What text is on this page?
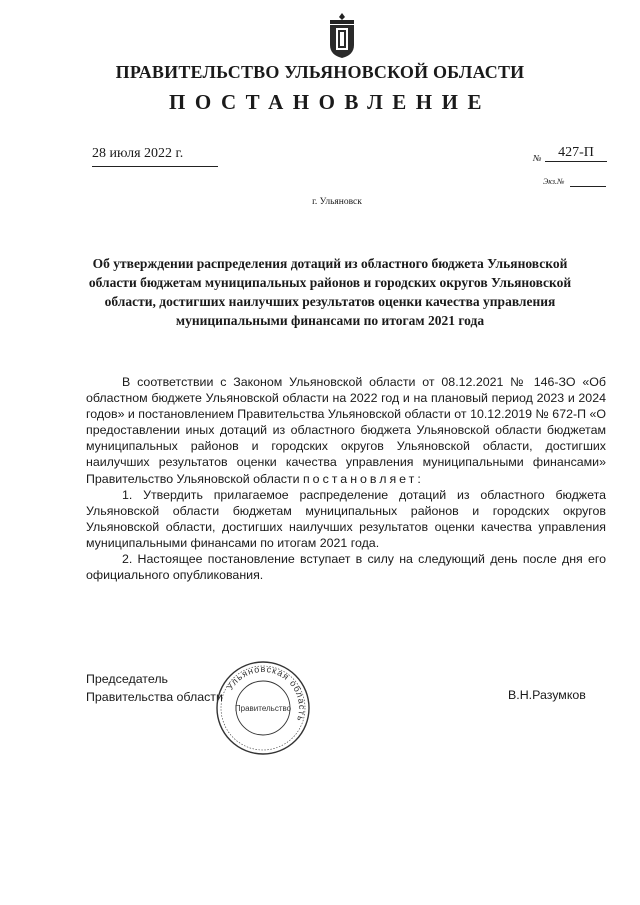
ПРАВИТЕЛЬСТВО УЛЬЯНОВСКОЙ ОБЛАСТИ
ПОСТАНОВЛЕНИЕ
28 июля 2022 г.	№	427-П
Экз.№
г. Ульяновск
Об утверждении распределения дотаций из областного бюджета Ульяновской области бюджетам муниципальных районов и городских округов Ульяновской области, достигших наилучших результатов оценки качества управления муниципальными финансами по итогам 2021 года

В соответствии с Законом Ульяновской области от 08.12.2021 № 146-ЗО «Об областном бюджете Ульяновской области на 2022 год и на плановый период 2023 и 2024 годов» и постановлением Правительства Ульяновской области от 10.12.2019 № 672-П «О предоставлении иных дотаций из областного бюджета Ульяновской области бюджетам муниципальных районов и городских округов Ульяновской области, достигших наилучших результатов оценки качества управления муниципальными финансами» Правительство Ульяновской области постановляет:

1. Утвердить прилагаемое распределение дотаций из областного бюджета Ульяновской области бюджетам муниципальных районов и городских округов Ульяновской области, достигших наилучших результатов оценки качества управления муниципальными финансами по итогам 2021 года.

2. Настоящее постановление вступает в силу на следующий день после дня его официального опубликования.

Председатель
Правительства области	В.Н.Разумков
Ульяновская область
Правительство
